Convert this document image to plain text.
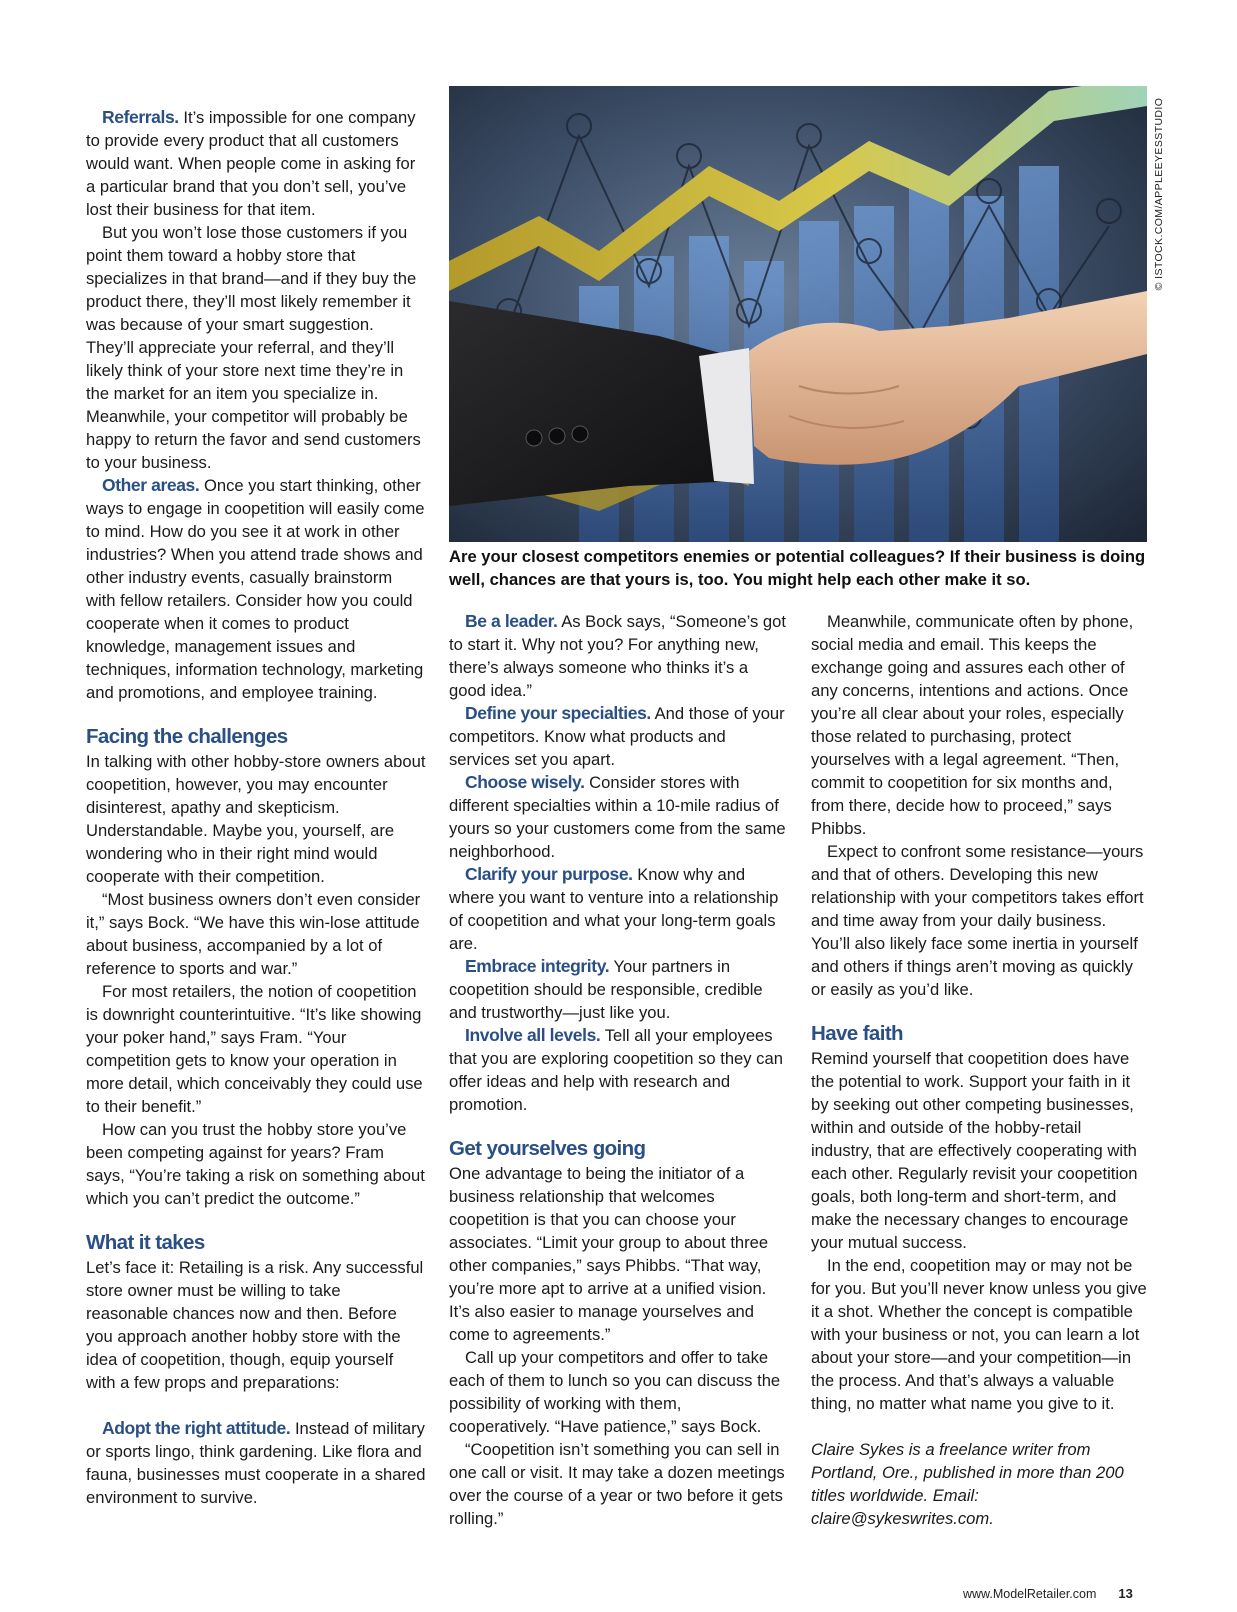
Referrals. It’s impossible for one company to provide every product that all customers would want. When people come in asking for a particular brand that you don’t sell, you’ve lost their business for that item.

But you won’t lose those customers if you point them toward a hobby store that specializes in that brand—and if they buy the product there, they’ll most likely remember it was because of your smart suggestion. They’ll appreciate your referral, and they’ll likely think of your store next time they’re in the market for an item you specialize in. Meanwhile, your competitor will probably be happy to return the favor and send customers to your business.

Other areas. Once you start thinking, other ways to engage in coopetition will easily come to mind. How do you see it at work in other industries? When you attend trade shows and other industry events, casually brainstorm with fellow retailers. Consider how you could cooperate when it comes to product knowledge, management issues and techniques, information technology, marketing and promotions, and employee training.

Facing the challenges

In talking with other hobby-store owners about coopetition, however, you may encounter disinterest, apathy and skepticism. Understandable. Maybe you, yourself, are wondering who in their right mind would cooperate with their competition.

“Most business owners don’t even consider it,” says Bock. “We have this win-lose attitude about business, accompanied by a lot of reference to sports and war.”

For most retailers, the notion of coopetition is downright counterintuitive. “It’s like showing your poker hand,” says Fram. “Your competition gets to know your operation in more detail, which conceivably they could use to their benefit.”

How can you trust the hobby store you’ve been competing against for years? Fram says, “You’re taking a risk on something about which you can’t predict the outcome.”

What it takes

Let’s face it: Retailing is a risk. Any successful store owner must be willing to take reasonable chances now and then. Before you approach another hobby store with the idea of coopetition, though, equip yourself with a few props and preparations:

Adopt the right attitude. Instead of military or sports lingo, think gardening. Like flora and fauna, businesses must cooperate in a shared environment to survive.

© ISTOCK.COM/APPLEEYESSTUDIO
Are your closest competitors enemies or potential colleagues? If their business is doing well, chances are that yours is, too. You might help each other make it so.

Be a leader. As Bock says, “Someone’s got to start it. Why not you? For anything new, there’s always someone who thinks it’s a good idea.”

Define your specialties. And those of your competitors. Know what products and services set you apart.

Choose wisely. Consider stores with different specialties within a 10-mile radius of yours so your customers come from the same neighborhood.

Clarify your purpose. Know why and where you want to venture into a relationship of coopetition and what your long-term goals are.

Embrace integrity. Your partners in coopetition should be responsible, credible and trustworthy—just like you.

Involve all levels. Tell all your employees that you are exploring coopetition so they can offer ideas and help with research and promotion.

Get yourselves going

One advantage to being the initiator of a business relationship that welcomes coopetition is that you can choose your associates. “Limit your group to about three other companies,” says Phibbs. “That way, you’re more apt to arrive at a unified vision. It’s also easier to manage yourselves and come to agreements.”

Call up your competitors and offer to take each of them to lunch so you can discuss the possibility of working with them, cooperatively. “Have patience,” says Bock.

“Coopetition isn’t something you can sell in one call or visit. It may take a dozen meetings over the course of a year or two before it gets rolling.”

Meanwhile, communicate often by phone, social media and email. This keeps the exchange going and assures each other of any concerns, intentions and actions. Once you’re all clear about your roles, especially those related to purchasing, protect yourselves with a legal agreement. “Then, commit to coopetition for six months and, from there, decide how to proceed,” says Phibbs.

Expect to confront some resistance—yours and that of others. Developing this new relationship with your competitors takes effort and time away from your daily business. You’ll also likely face some inertia in yourself and others if things aren’t moving as quickly or easily as you’d like.

Have faith

Remind yourself that coopetition does have the potential to work. Support your faith in it by seeking out other competing businesses, within and outside of the hobby-retail industry, that are effectively cooperating with each other. Regularly revisit your coopetition goals, both long-term and short-term, and make the necessary changes to encourage your mutual success.

In the end, coopetition may or may not be for you. But you’ll never know unless you give it a shot. Whether the concept is compatible with your business or not, you can learn a lot about your store—and your competition—in the process. And that’s always a valuable thing, no matter what name you give to it.

Claire Sykes is a freelance writer from Portland, Ore., published in more than 200 titles worldwide. Email: claire@sykeswrites.com.

www.ModelRetailer.com 13
